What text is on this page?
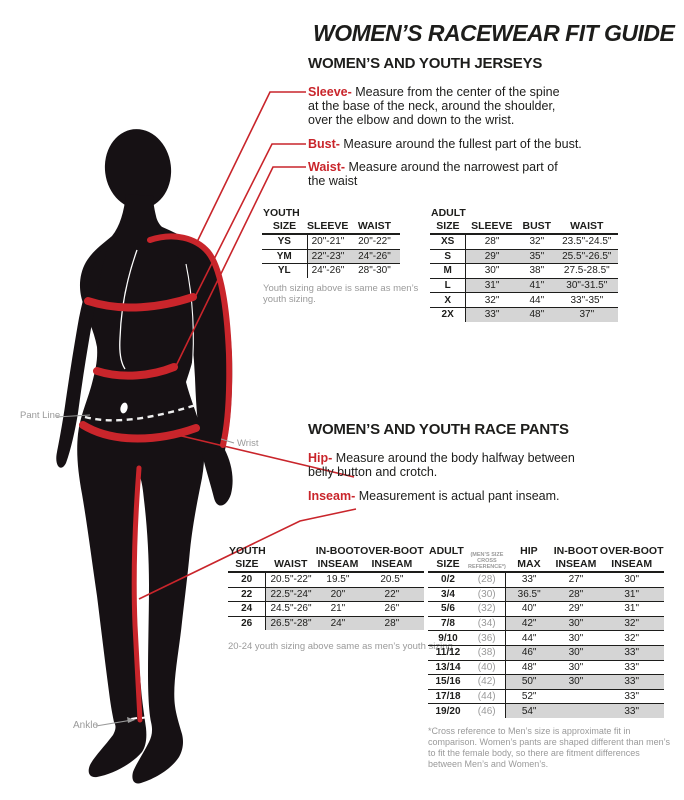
WOMEN’S RACEWEAR FIT GUIDE
WOMEN’S AND YOUTH JERSEYS
Sleeve- Measure from the center of the spine at the base of the neck, around the shoulder, over the elbow and down to the wrist.
Bust- Measure around the fullest part of the bust.
Waist- Measure around the narrowest part of the waist
YOUTH
SIZE	SLEEVE	WAIST

YS	20"-21"	20"-22"
YM	22"-23"	24"-26"
YL	24"-26"	28"-30"
Youth sizing above is same as men’s youth sizing.
ADULT
SIZE	SLEEVE	BUST	WAIST

XS	28"	32"	23.5"-24.5"
S	29"	35"	25.5"-26.5"
M	30"	38"	27.5-28.5"
L	31"	41"	30"-31.5"
X	32"	44"	33"-35"
2X	33"	48"	37"
WOMEN’S AND YOUTH RACE PANTS
Hip- Measure around the body halfway between belly button and crotch.
Inseam- Measurement is actual pant inseam.
YOUTH
SIZE	WAIST

IN-BOOT
INSEAM

OVER-BOOT
INSEAM

20	20.5"-22"	19.5"	20.5"
22	22.5"-24"	20"	22"
24	24.5"-26"	21"	26"
26	26.5"-28"	24"	28"
20-24 youth sizing above same as men’s youth sizing
ADULT
SIZE

(MEN’S SIZE
CROSS
REFERENCE*)

HIP
MAX

IN-BOOT
INSEAM

OVER-BOOT
INSEAM

0/2	(28)	33"	27"	30"
3/4	(30)	36.5"	28"	31"
5/6	(32)	40"	29"	31"
7/8	(34)	42"	30"	32"
9/10	(36)	44"	30"	32"
11/12	(38)	46"	30"	33"
13/14	(40)	48"	30"	33"
15/16	(42)	50"	30"	33"
17/18	(44)	52"		33"
19/20	(46)	54"		33"
*Cross reference to Men’s size is approximate fit in comparison. Women’s pants are shaped different than men’s to fit the female body, so there are fitment differences between Men’s and Women’s.
Pant Line
Wrist
Ankle
